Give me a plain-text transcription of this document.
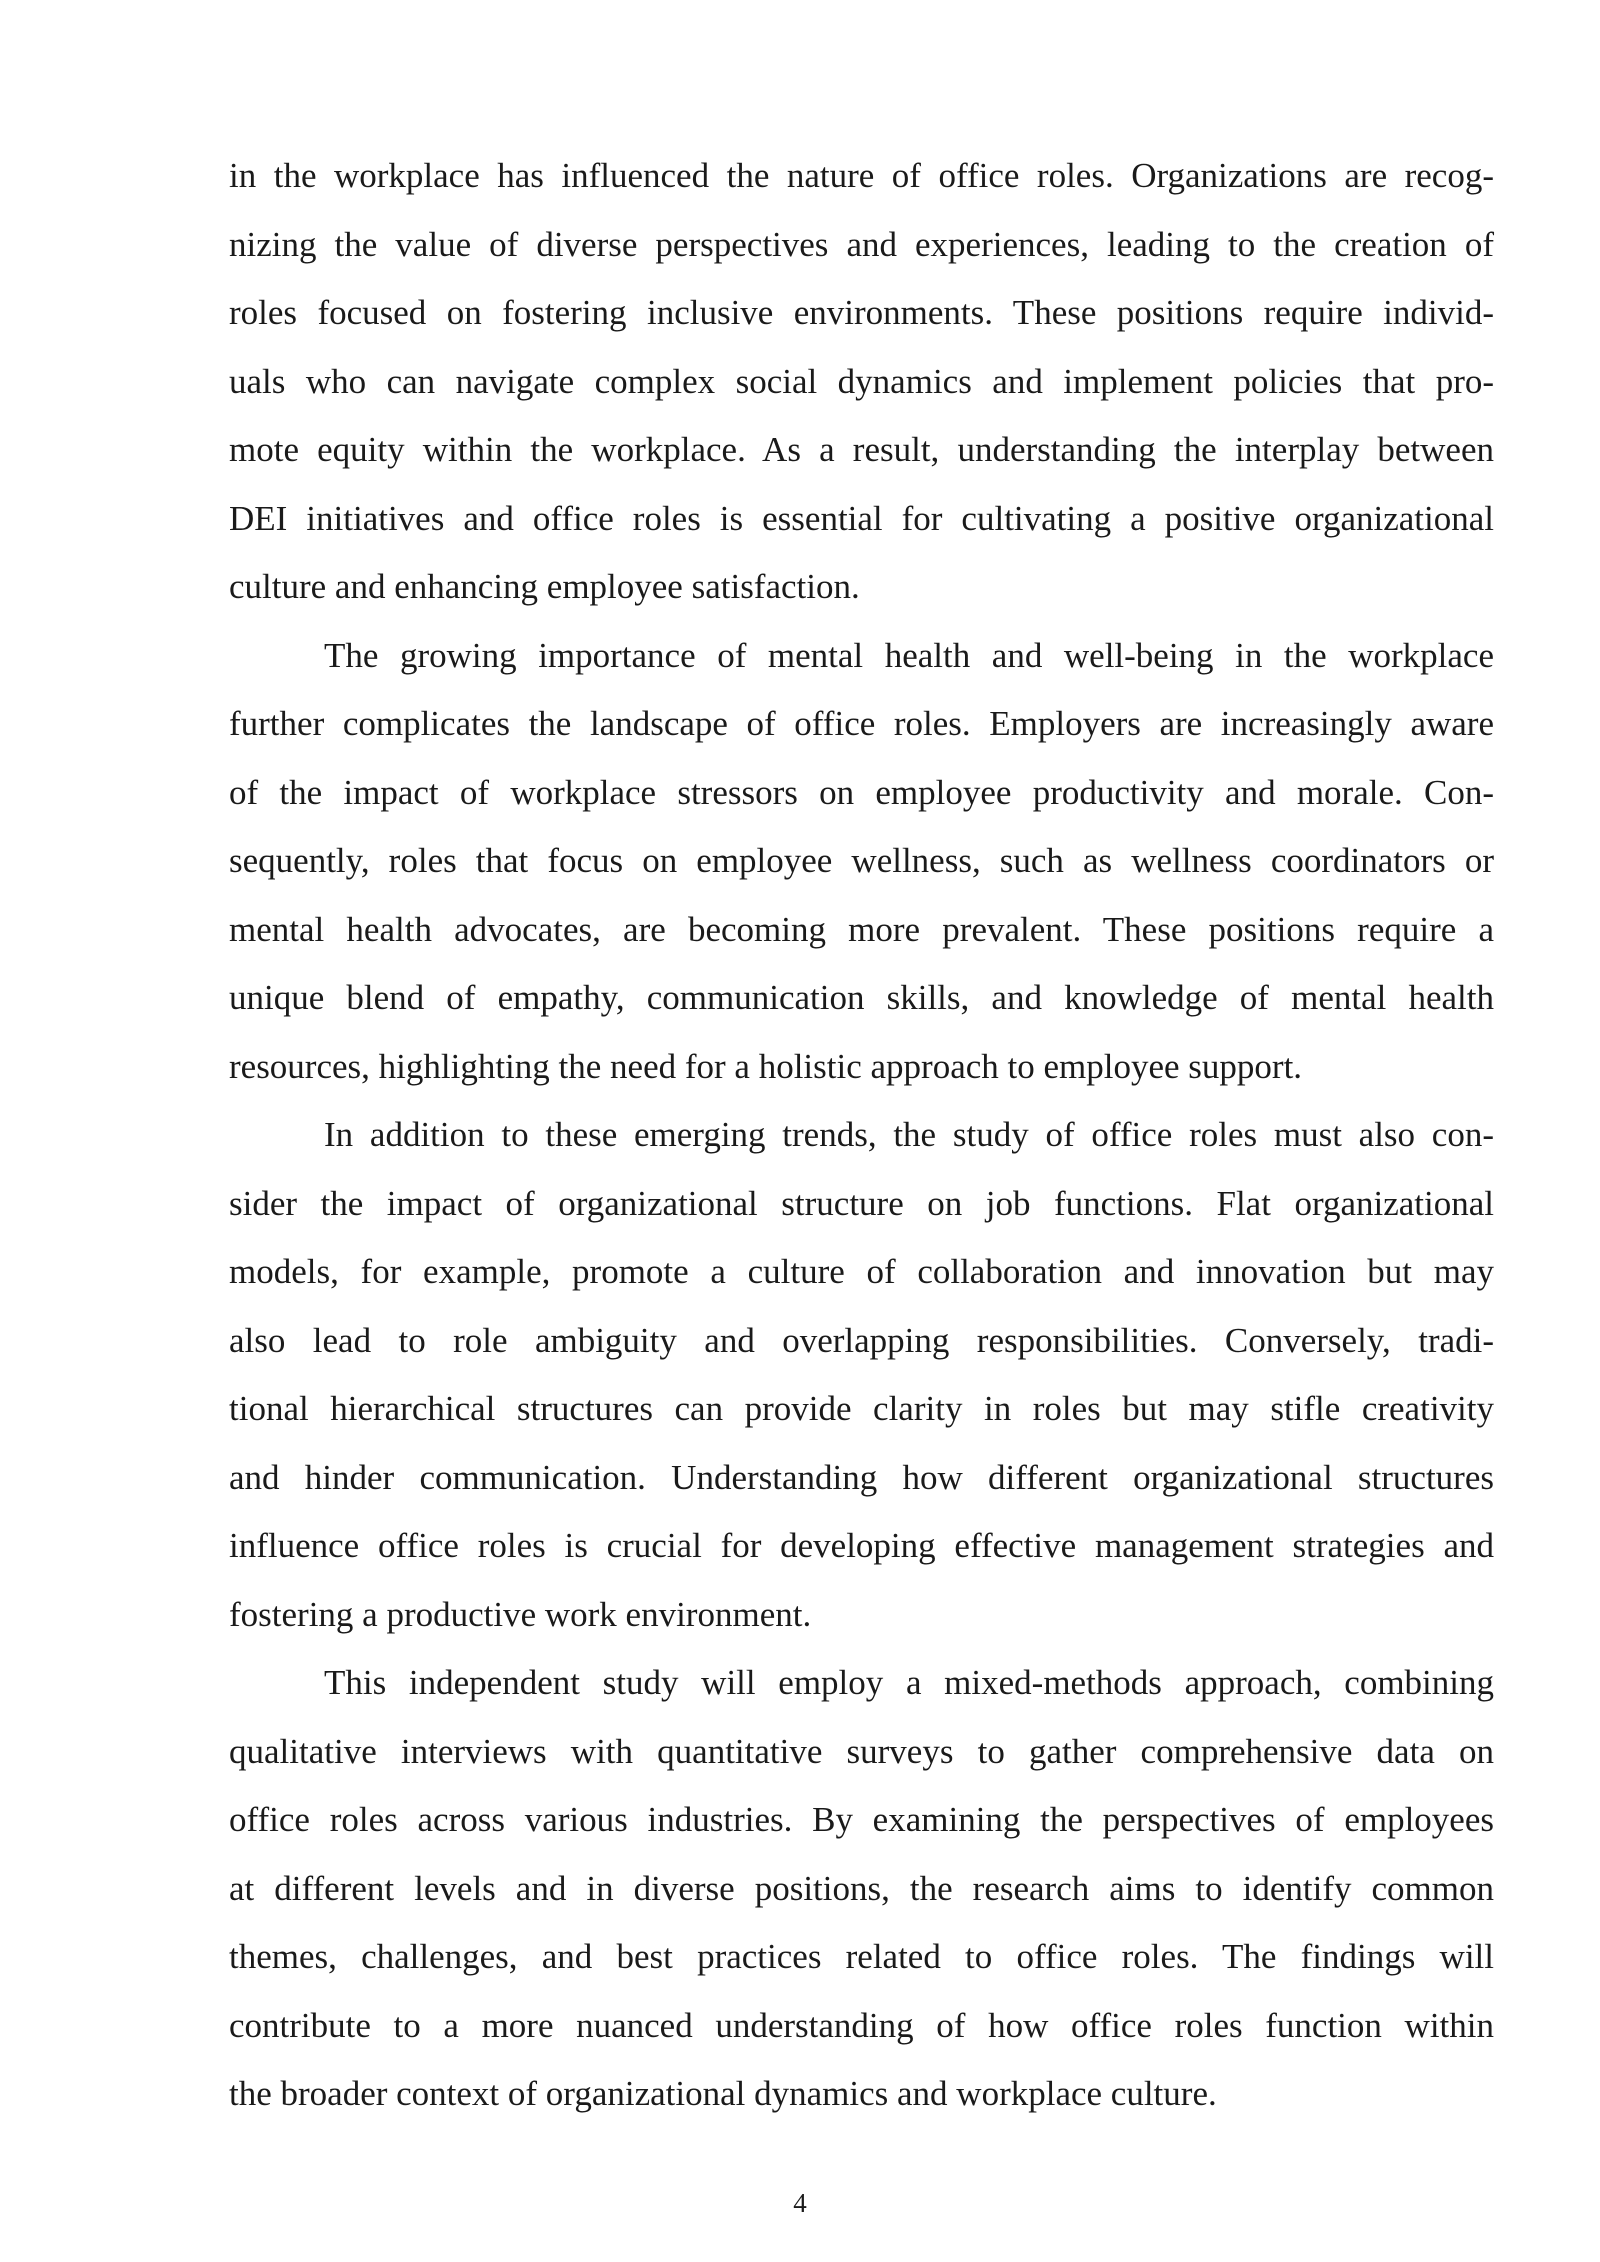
in the workplace has influenced the nature of office roles. Organizations are recog-
nizing the value of diverse perspectives and experiences, leading to the creation of
roles focused on fostering inclusive environments. These positions require individ-
uals who can navigate complex social dynamics and implement policies that pro-
mote equity within the workplace. As a result, understanding the interplay between
DEI initiatives and office roles is essential for cultivating a positive organizational
culture and enhancing employee satisfaction.
The growing importance of mental health and well-being in the workplace
further complicates the landscape of office roles. Employers are increasingly aware
of the impact of workplace stressors on employee productivity and morale. Con-
sequently, roles that focus on employee wellness, such as wellness coordinators or
mental health advocates, are becoming more prevalent. These positions require a
unique blend of empathy, communication skills, and knowledge of mental health
resources, highlighting the need for a holistic approach to employee support.
In addition to these emerging trends, the study of office roles must also con-
sider the impact of organizational structure on job functions. Flat organizational
models, for example, promote a culture of collaboration and innovation but may
also lead to role ambiguity and overlapping responsibilities. Conversely, tradi-
tional hierarchical structures can provide clarity in roles but may stifle creativity
and hinder communication. Understanding how different organizational structures
influence office roles is crucial for developing effective management strategies and
fostering a productive work environment.
This independent study will employ a mixed-methods approach, combining
qualitative interviews with quantitative surveys to gather comprehensive data on
office roles across various industries. By examining the perspectives of employees
at different levels and in diverse positions, the research aims to identify common
themes, challenges, and best practices related to office roles. The findings will
contribute to a more nuanced understanding of how office roles function within
the broader context of organizational dynamics and workplace culture.
4
